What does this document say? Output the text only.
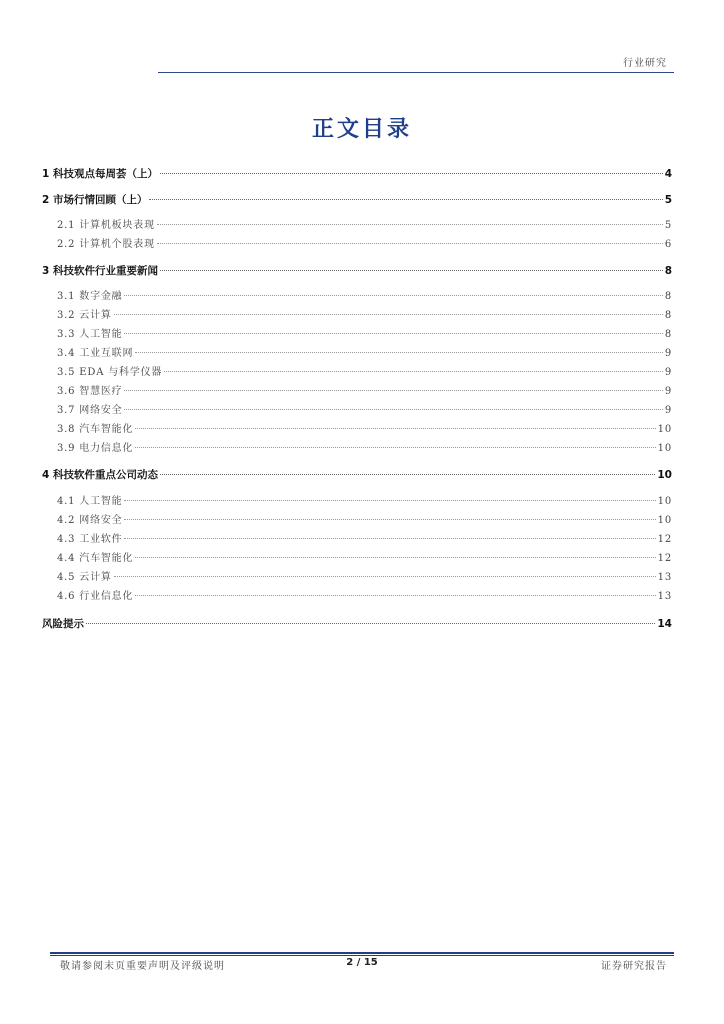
行业研究
正文目录
1 科技观点每周荟（上）	4
2 市场行情回顾（上）	5
2.1 计算机板块表现	5
2.2 计算机个股表现	6
3 科技软件行业重要新闻	8
3.1 数字金融	8
3.2 云计算	8
3.3 人工智能	8
3.4 工业互联网	9
3.5 EDA 与科学仪器	9
3.6 智慧医疗	9
3.7 网络安全	9
3.8 汽车智能化	10
3.9 电力信息化	10
4 科技软件重点公司动态	10
4.1 人工智能	10
4.2 网络安全	10
4.3 工业软件	12
4.4 汽车智能化	12
4.5 云计算	13
4.6 行业信息化	13
风险提示	14
敬请参阅末页重要声明及评级说明	2 / 15	证券研究报告
